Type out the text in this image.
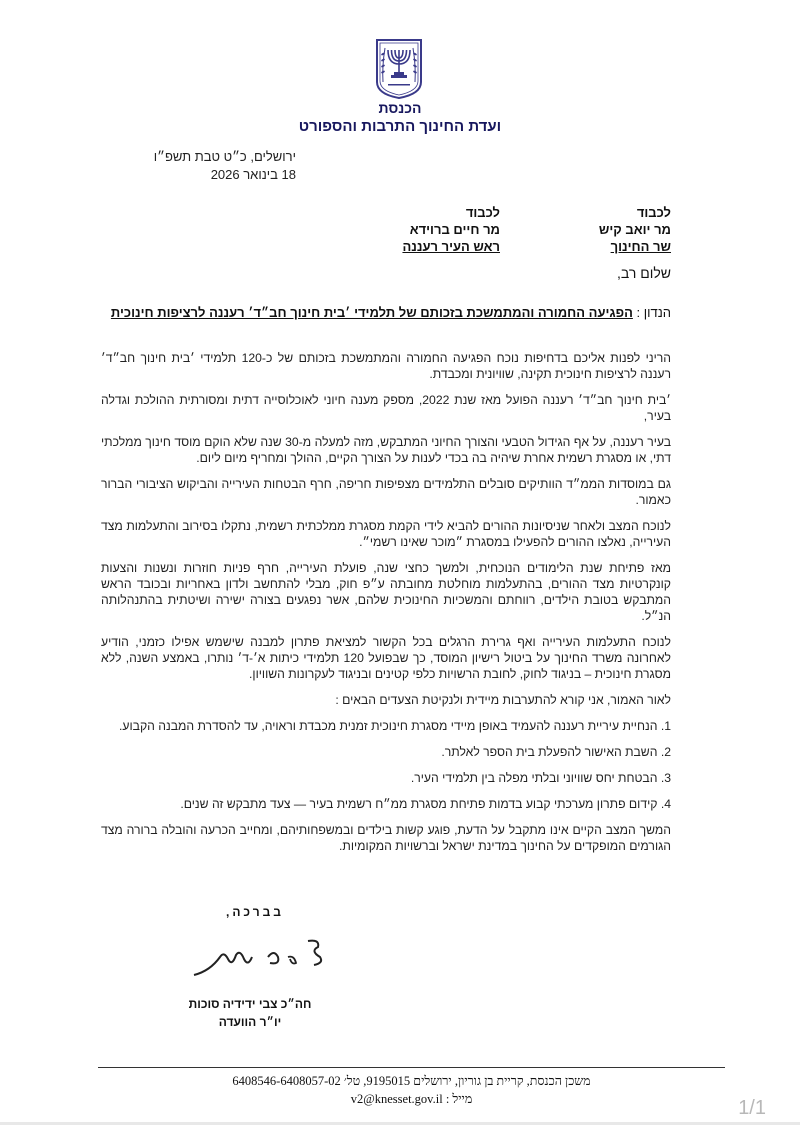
הכנסת
ועדת החינוך התרבות והספורט
ירושלים, כ״ט טבת תשפ״ו
18 בינואר 2026
לכבוד
מר יואב קיש
שר החינוך
לכבוד
מר חיים ברוידא
ראש העיר רעננה
שלום רב,
הנדון : הפגיעה החמורה והמתמשכת בזכותם של תלמידי ׳בית חינוך חב״ד׳ רעננה לרציפות חינוכית

הריני לפנות אליכם בדחיפות נוכח הפגיעה החמורה והמתמשכת בזכותם של כ-120 תלמידי ׳בית חינוך חב״ד׳ רעננה לרציפות חינוכית תקינה, שוויונית ומכבדת.

׳בית חינוך חב״ד׳ רעננה הפועל מאז שנת 2022, מספק מענה חיוני לאוכלוסייה דתית ומסורתית ההולכת וגדלה בעיר,

בעיר רעננה, על אף הגידול הטבעי והצורך החיוני המתבקש, מזה למעלה מ-30 שנה שלא הוקם מוסד חינוך ממלכתי דתי, או מסגרת רשמית אחרת שיהיה בה בכדי לענות על הצורך הקיים, ההולך ומחריף מיום ליום.

גם במוסדות הממ״ד הוותיקים סובלים התלמידים מצפיפות חריפה, חרף הבטחות העירייה והביקוש הציבורי הברור כאמור.

לנוכח המצב ולאחר שניסיונות ההורים להביא לידי הקמת מסגרת ממלכתית רשמית, נתקלו בסירוב והתעלמות מצד העירייה, נאלצו ההורים להפעילו במסגרת ״מוכר שאינו רשמי״.

מאז פתיחת שנת הלימודים הנוכחית, ולמשך כחצי שנה, פועלת העירייה, חרף פניות חוזרות ונשנות והצעות קונקרטיות מצד ההורים, בהתעלמות מוחלטת מחובתה ע״פ חוק, מבלי להתחשב ולדון באחריות ובכובד הראש המתבקש בטובת הילדים, רווחתם והמשכיות החינוכית שלהם, אשר נפגעים בצורה ישירה ושיטתית בהתנהלותה הנ״ל.

לנוכח התעלמות העירייה ואף גרירת הרגלים בכל הקשור למציאת פתרון למבנה שישמש אפילו כזמני, הודיע לאחרונה משרד החינוך על ביטול רישיון המוסד, כך שבפועל 120 תלמידי כיתות א׳-ד׳ נותרו, באמצע השנה, ללא מסגרת חינוכית – בניגוד לחוק, לחובת הרשויות כלפי קטינים ובניגוד לעקרונות השוויון.

לאור האמור, אני קורא להתערבות מיידית ולנקיטת הצעדים הבאים :

1. הנחיית עיריית רעננה להעמיד באופן מיידי מסגרת חינוכית זמנית מכבדת וראויה, עד להסדרת המבנה הקבוע.
2. השבת האישור להפעלת בית הספר לאלתר.
3. הבטחת יחס שוויוני ובלתי מפלה בין תלמידי העיר.
4. קידום פתרון מערכתי קבוע בדמות פתיחת מסגרת ממ״ח רשמית בעיר — צעד מתבקש זה שנים.

המשך המצב הקיים אינו מתקבל על הדעת, פוגע קשות בילדים ובמשפחותיהם, ומחייב הכרעה והובלה ברורה מצד הגורמים המופקדים על החינוך במדינת ישראל וברשויות המקומיות.

בברכה,
חה״כ צבי ידידיה סוכות
יו״ר הוועדה
משכן הכנסת, קריית בן גוריון, ירושלים 9195015, טל׳ 6408546-6408057-02
מייל : v2@knesset.gov.il	1/1
